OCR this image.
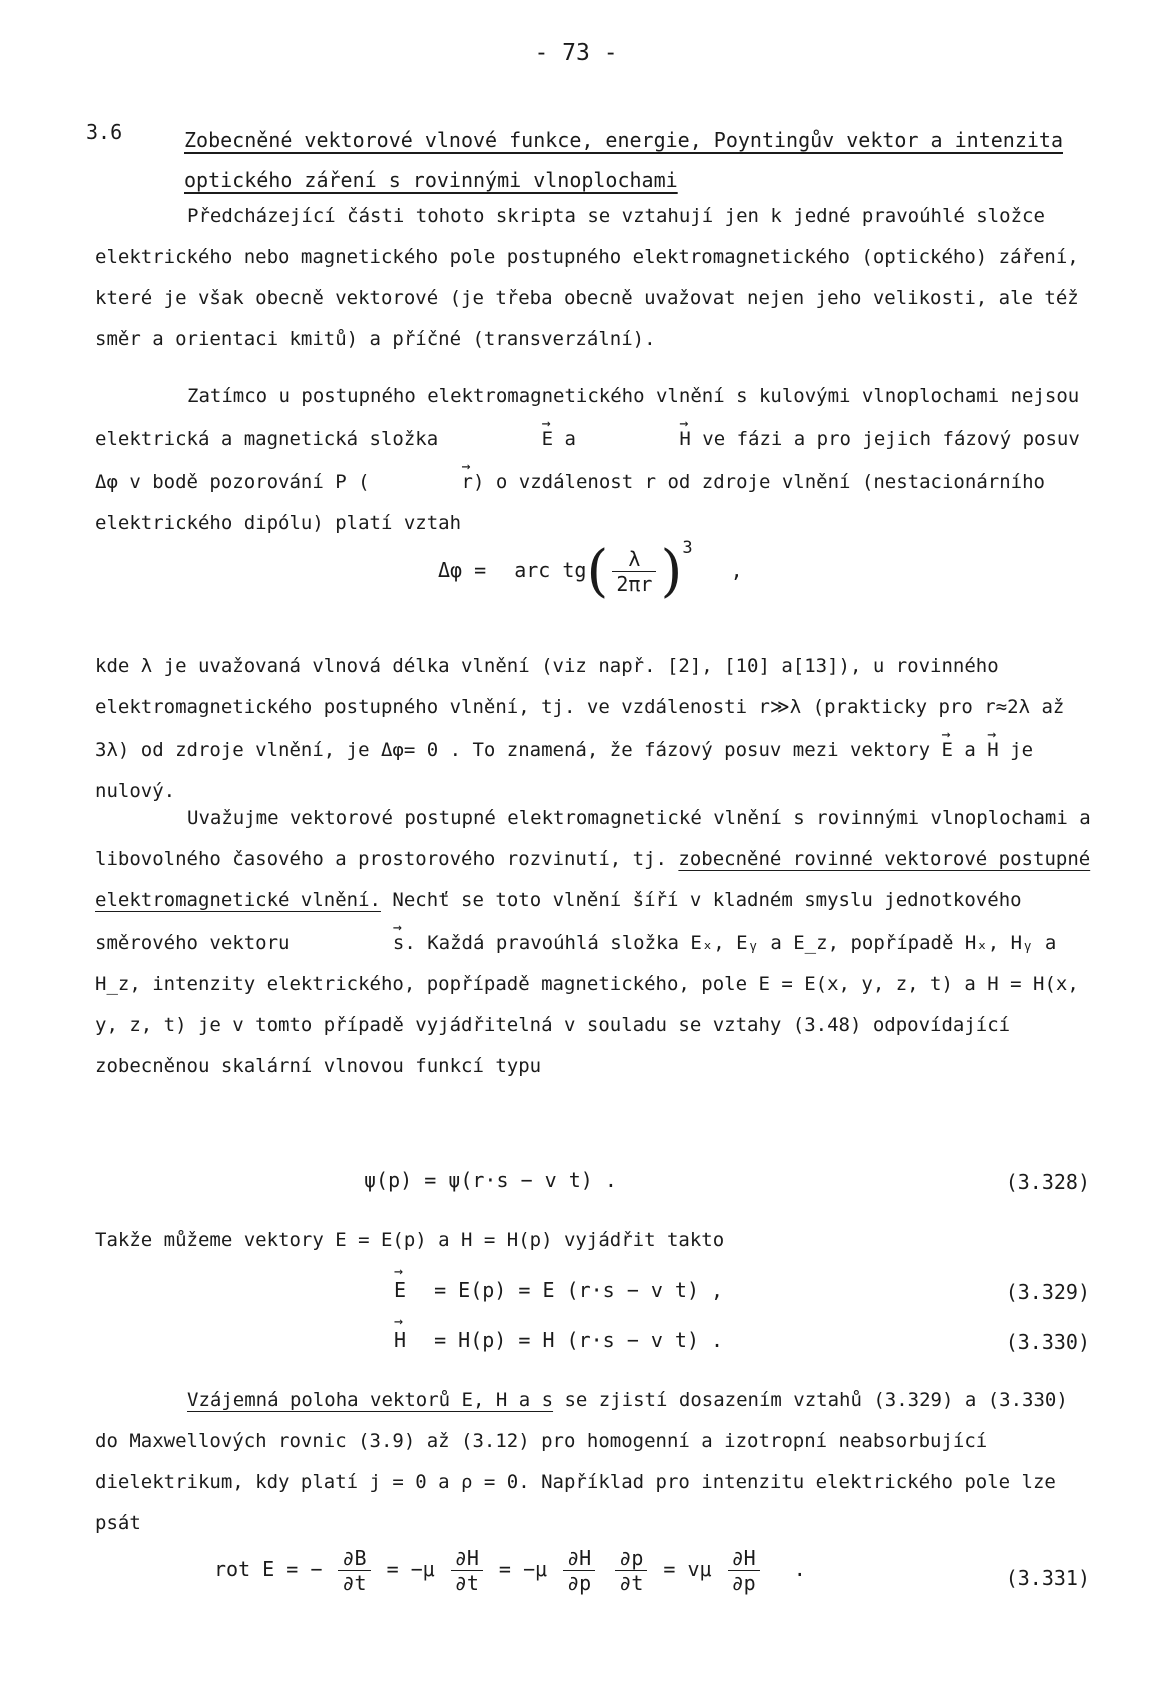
- 73 -
3.6	Zobecněné vektorové vlnové funkce, energie, Poyntingův vektor a intenzita optického záření s rovinnými vlnoplochami
Předcházející části tohoto skripta se vztahují jen k jedné pravoúhlé složce elektrického nebo magnetického pole postupného elektromagnetického (optického) záření, které je však obecně vektorové (je třeba obecně uvažovat nejen jeho velikosti, ale též směr a orientaci kmitů) a příčné (transverzální).
Zatímco u postupného elektromagnetického vlnění s kulovými vlnoplochami nejsou elektrická a magnetická složka	→ E a	→ H ve fázi a pro jejich fázový posuv Δφ v bodě pozorování P (	→ r) o vzdálenost r od zdroje vlnění (nestacionárního elektrického dipólu) platí vztah
Δφ = arc $tg( \frac{\lambda}{2\pi r} )^3$ ,
kde λ je uvažovaná vlnová délka vlnění (viz např. [2], [10] a[13]), u rovinného elektromagnetického postupného vlnění, tj. ve vzdálenosti r≫λ (prakticky pro r≈2λ až 3λ) od zdroje vlnění, je Δφ= 0 . To znamená, že fázový posuv mezi vektory → E a → H je nulový.
Uvažujme vektorové postupné elektromagnetické vlnění s rovinnými vlnoplochami a libovolného časového a prostorového rozvinutí, tj. zobecněné rovinné vektorové postupné elektromagnetické vlnění. Nechť se toto vlnění šíří v kladném smyslu jednotkového směrového vektoru	→ s. Každá pravoúhlá složka Eₓ, Eᵧ a E_z, popřípadě Hₓ, Hᵧ a H_z, intenzity elektrického, popřípadě magnetického, pole E = E(x, y, z, t) a H = H(x, y, z, t) je v tomto případě vyjádřitelná v souladu se vztahy (3.48) odpovídající zobecněnou skalární vlnovou funkcí typu
ψ(p) = ψ(r·s − v t) .	(3.328)
Takže můžeme vektory E = E(p) a H = H(p) vyjádřit takto
→ E = E(p) = E (r·s − v t) ,	(3.329)
→ H = H(p) = H (r·s − v t) .	(3.330)
Vzájemná poloha vektorů E, H a s se zjistí dosazením vztahů (3.329) a (3.330) do Maxwellových rovnic (3.9) až (3.12) pro homogenní a izotropní neabsorbující dielektrikum, kdy platí j = 0 a ρ = 0. Například pro intenzitu elektrického pole lze psát
rot E = − $\frac{\partial B}{\partial t} = -\mu \frac{\partial H}{\partial t} = -\mu \frac{\partial H}{\partial p}$
$\frac{\partial p}{\partial t} = v\mu \frac{\partial H}{\partial p}$ .	(3.331)
